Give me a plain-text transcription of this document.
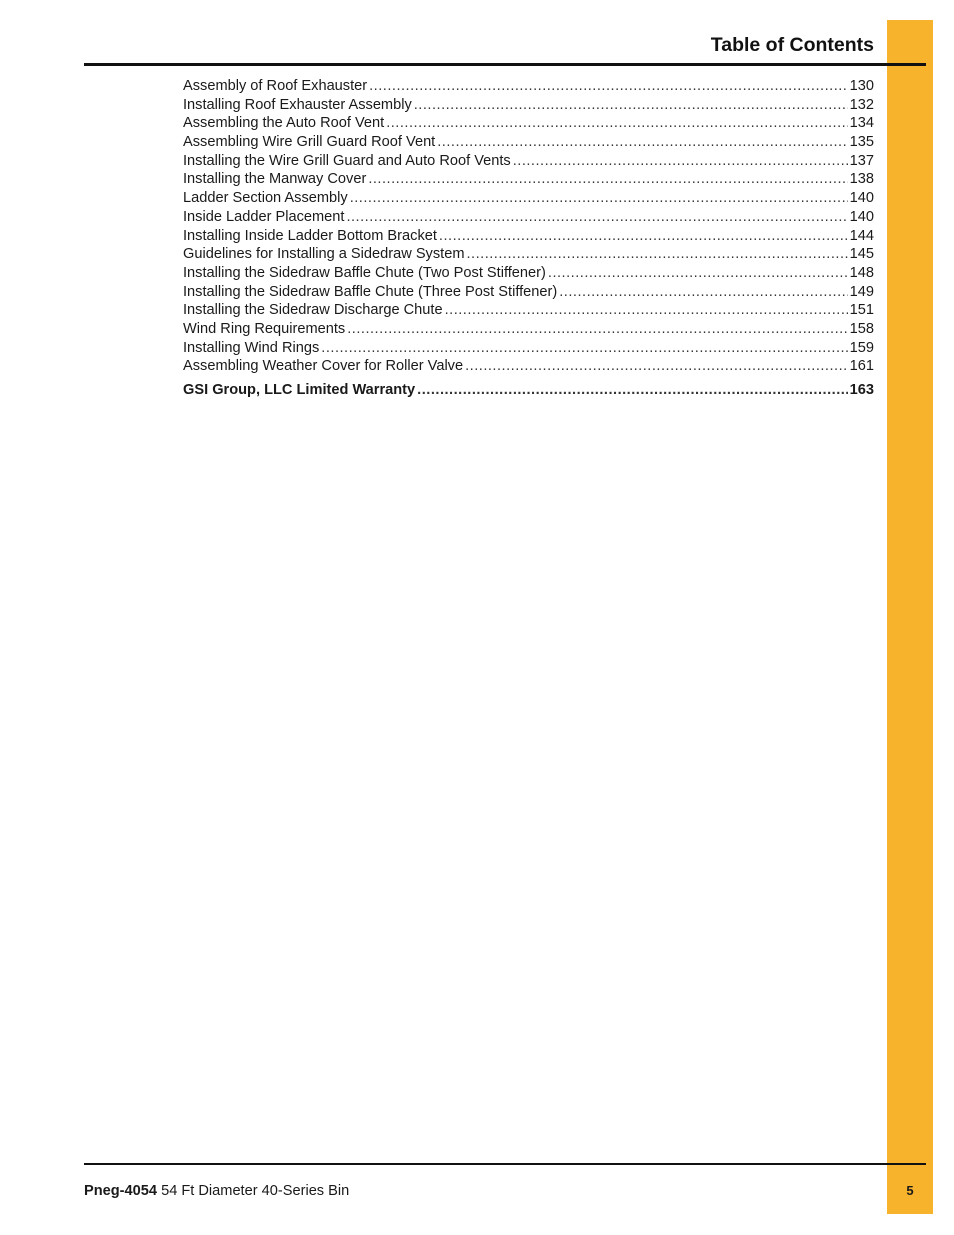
Table of Contents
Assembly of Roof Exhauster .....	130
Installing Roof Exhauster Assembly .....	132
Assembling the Auto Roof Vent .....	134
Assembling Wire Grill Guard Roof Vent .....	135
Installing the Wire Grill Guard and Auto Roof Vents .....	137
Installing the Manway Cover .....	138
Ladder Section Assembly .....	140
Inside Ladder Placement .....	140
Installing Inside Ladder Bottom Bracket .....	144
Guidelines for Installing a Sidedraw System .....	145
Installing the Sidedraw Baffle Chute (Two Post Stiffener) .....	148
Installing the Sidedraw Baffle Chute (Three Post Stiffener) .....	149
Installing the Sidedraw Discharge Chute .....	151
Wind Ring Requirements .....	158
Installing Wind Rings .....	159
Assembling Weather Cover for Roller Valve .....	161
GSI Group, LLC Limited Warranty .....	163
Pneg-4054 54 Ft Diameter 40-Series Bin	5
